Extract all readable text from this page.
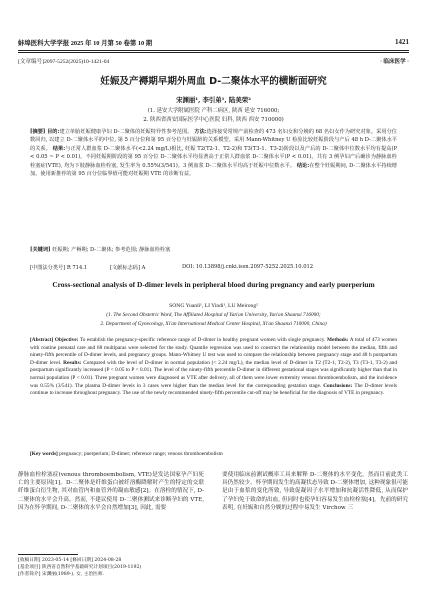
蚌埠医科大学学报 2025 年 10 月第 50 卷第 10 期	1421
[文章编号]2097-5252(2025)10-1421-04	· 临床医学 ·
妊娠及产褥期早期外周血 D-二聚体水平的横断面研究
宋渊丽¹, 李引弟¹, 陆美荣²
(1. 延安大学附属医院 产科二病区, 陕西 延安 716000;
2. 陕西省西安国际医学中心医院 妇科, 陕西 西安 710000)
[摘要] 目的:建立单胎妊娠健康孕妇 D-二聚体的妊娠特异性参考范围。 方法:选择接受常规产前检查的 473 名妇女和分娩的 68 名妇女作为研究对象。采用分位数回归, 以建立 D-二聚体水平的中位, 第 5 百分位和第 95 百分位与妊娠龄的关系模型。采用 Mann-Whitney U 检验比较妊娠阶段与产后 48 h D-二聚体水平的关系。 结果:与正常人群血浆 D-二聚体水平(<2.24 mg/L)相比, 妊娠 T2(T2-1、T2-2)和 T3(T3-1、T3-2)阶段以及产后的 D-二聚体中位数水平均有提高(P < 0.05 ~ P < 0.01)。不同妊娠期阶段的第 95 百分位 D-二聚体水平均显著高于正常人群血浆 D-二聚体水平(P < 0.01)。共有 3 例孕妇产后确诊为静脉血栓栓塞症(VTE), 均为下肢静脉血栓栓塞, 发生率为 0.55%(3/541)。3 例血浆 D-二聚体水平均高于妊娠中位数水平。 结论:在整个妊娠期间, D-二聚体水平持续增加。使用新推荐的第 95 百分位临界值可能对妊娠期 VTE 的诊断有益。
[关键词] 妊娠期; 产褥期; D-二聚体; 参考范围; 静脉血栓栓塞
[中图法分类号] R 714.1	[文献标志码] A	DOI: 10.13898/j.cnki.issn.2097-5252.2025.10.012
Cross-sectional analysis of D-dimer levels in peripheral blood during pregnancy and early puerperium
SONG Yuanli¹, LI Yindi¹, LU Meirong²
(1. The Second Obstetric Ward, The Affiliated Hospital of Yan'an University, Yan'an Shaanxi 716000;
2. Department of Gynecology, Xi'an International Medical Center Hospital, Xi'an Shaanxi 710000, China)
[Abstract] Objective: To establish the pregnancy-specific reference range of D-dimer in healthy pregnant women with single pregnancy. Methods: A total of 473 women with routine prenatal care and 68 multiparas were selected for the study. Quantile regression was used to construct the relationship model between the median, fifth and ninety-fifth percentile of D-dimer levels, and pregnancy groups. Mann-Whitney U test was used to compare the relationship between pregnancy stage and 48 h postpartum D-dimer level. Results: Compared with the level of D-dimer in normal population (< 2.24 mg/L), the median level of D-dimer in T2 (T2-1, T2-2), T3 (T3-1, T3-2) and postpartum significantly increased (P < 0.05 to P < 0.01). The level of the ninety-fifth percentile D-dimer in different gestational stages was significantly higher than that in normal population (P < 0.01). Three pregnant women were diagnosed as VTE after delivery, all of them were lower extremity venous thromboembolism, and the incidence was 0.55% (3/541). The plasma D-dimer levels in 3 cases were higher than the median level for the corresponding gestation stage. Conclusions: The D-dimer levels continue to increase throughout pregnancy. The use of the newly recommended ninety-fifth percentile cut-off may be beneficial for the diagnosis of VTE in pregnancy.
[Key words] pregnancy; puerperium; D-dimer; reference range; venous thromboembolism
静脉血栓栓塞症(venous thromboembolism, VTE)是发达国家孕产妇死亡的主要原因[1]。D-二聚体是纤维蛋白被纤溶酶降解时产生的特定的交联纤维蛋白衍生物, 其对血管内和血管外的凝血敏感[2]。在溶栓的情况下, D-二聚体的水平会升高。然而, 不建议使用 D-二聚体测试来诊断孕妇的 VTE, 因为在怀孕期间, D-二聚体的水平会自然增加[3], 因此, 需要
要使用临床前测试概率工具来解释 D-二聚体的水平变化。然而目前此类工具仍然较少。怀孕期间发生的高凝状态导致 D-二聚体增加, 这种现象很可能是由于血浆的变化所致, 导致促凝因子水平增加和抗凝活性降低, 从而保护了孕妇免于致命的出血, 但同时也使孕妇容易发生血栓栓塞[4]。先前的研究表明, 在妊娠和自然分娩的过程中易发生 Virchow 三
[收稿日期] 2023-05-14 [修回日期] 2024-08-28
[基金项目] 陕西省自然科学基础研究计划项目(2019-1192)
[作者简介] 宋渊丽(1989-), 女, 主治医师.
